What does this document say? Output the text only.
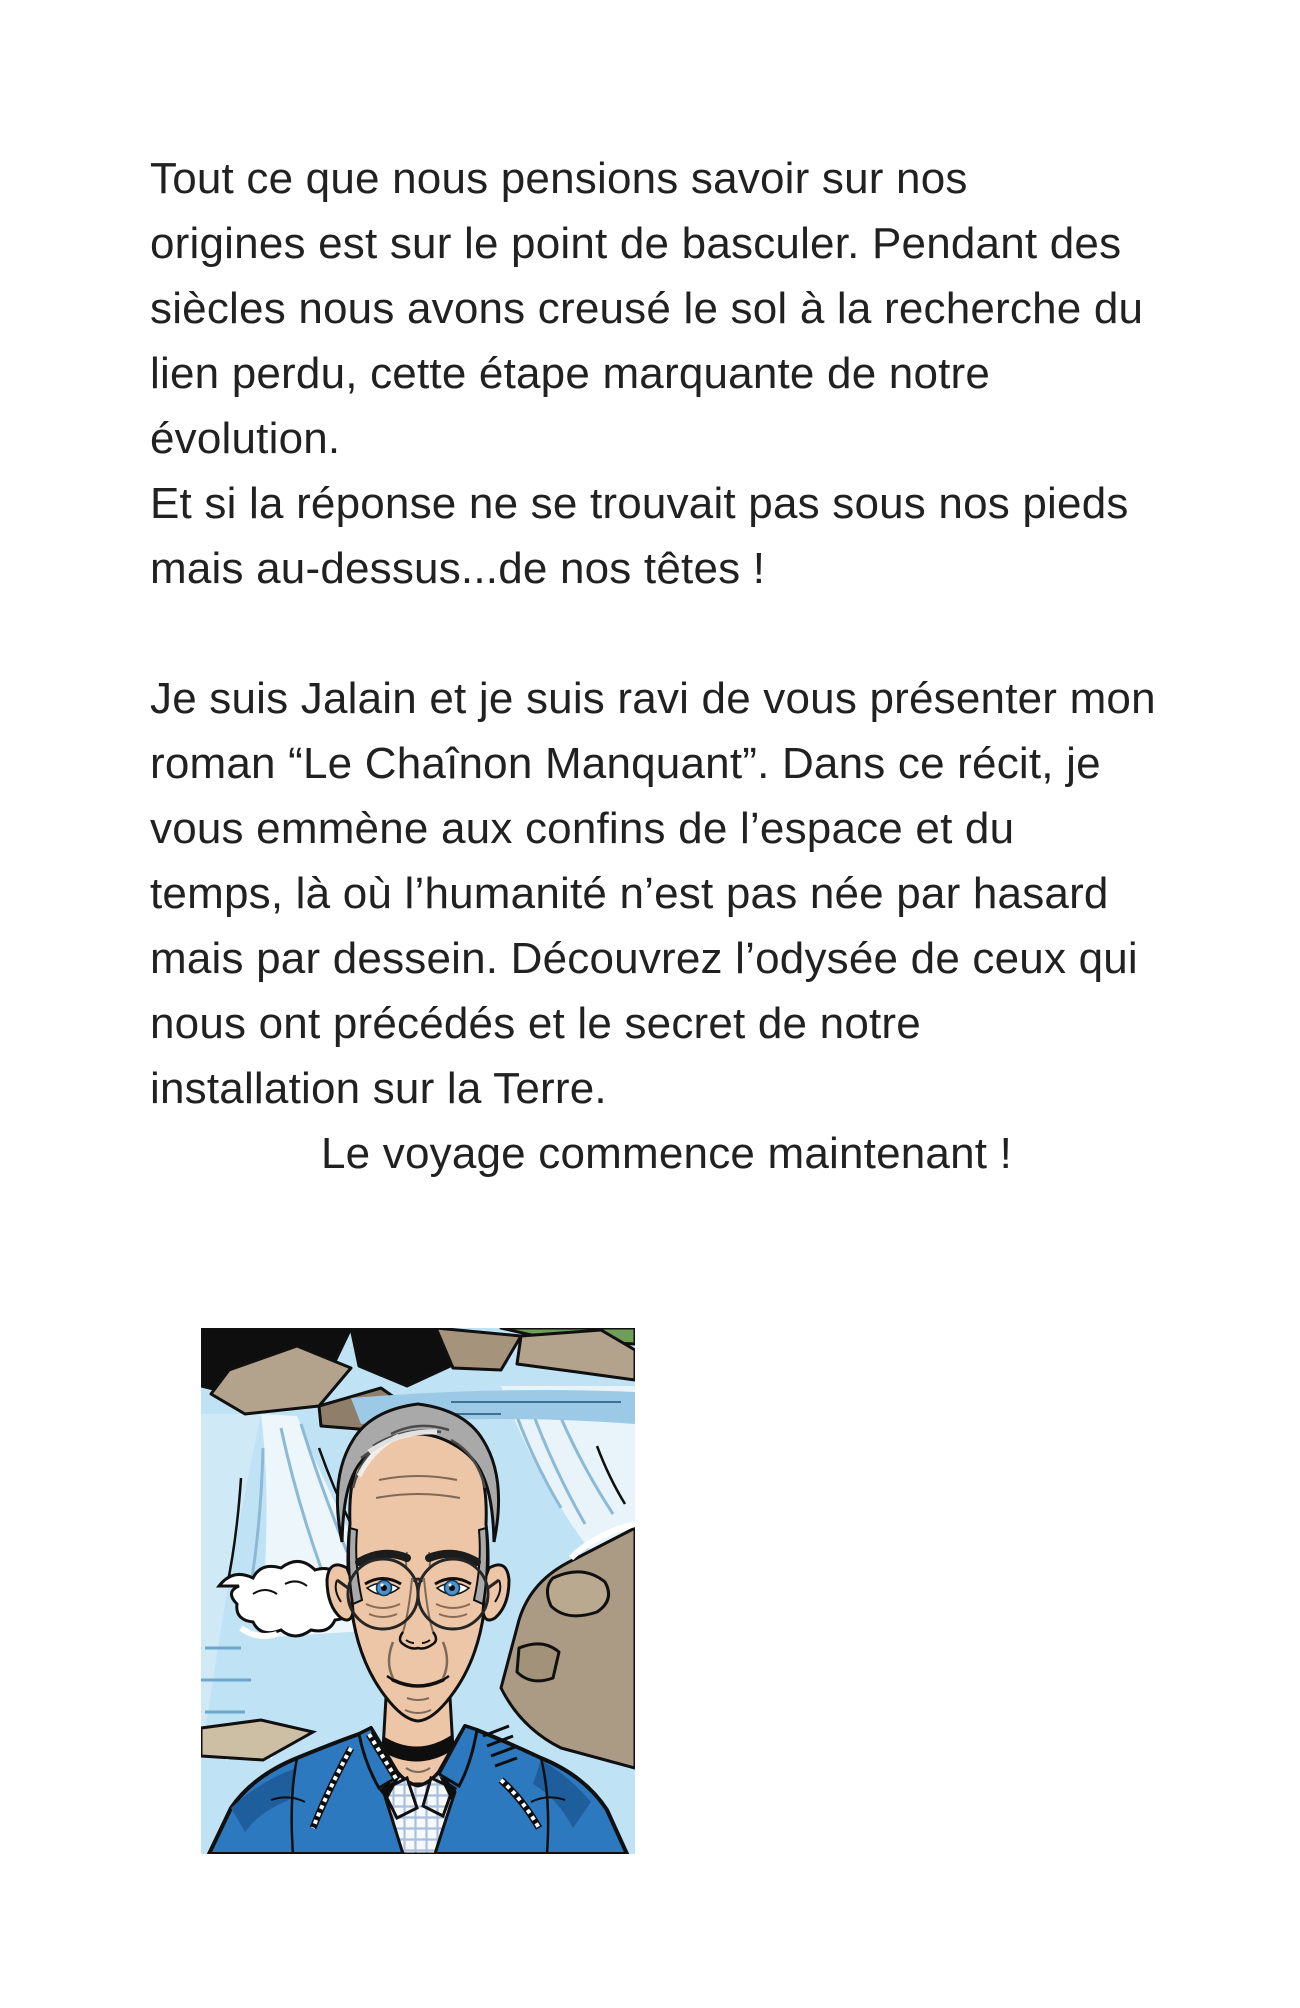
Tout ce que nous pensions savoir sur nos
origines est sur le point de basculer. Pendant des
siècles nous avons creusé le sol à la recherche du
lien perdu, cette étape marquante de notre
évolution.
Et si la réponse ne se trouvait pas sous nos pieds
mais au-dessus...de nos têtes !
Je suis Jalain et je suis ravi de vous présenter mon
roman “Le Chaînon Manquant”. Dans ce récit, je
vous emmène aux confins de l’espace et du
temps, là où l’humanité n’est pas née par hasard
mais par dessein. Découvrez l’odysée de ceux qui
nous ont précédés et le secret de notre
installation sur la Terre.
Le voyage commence maintenant !
